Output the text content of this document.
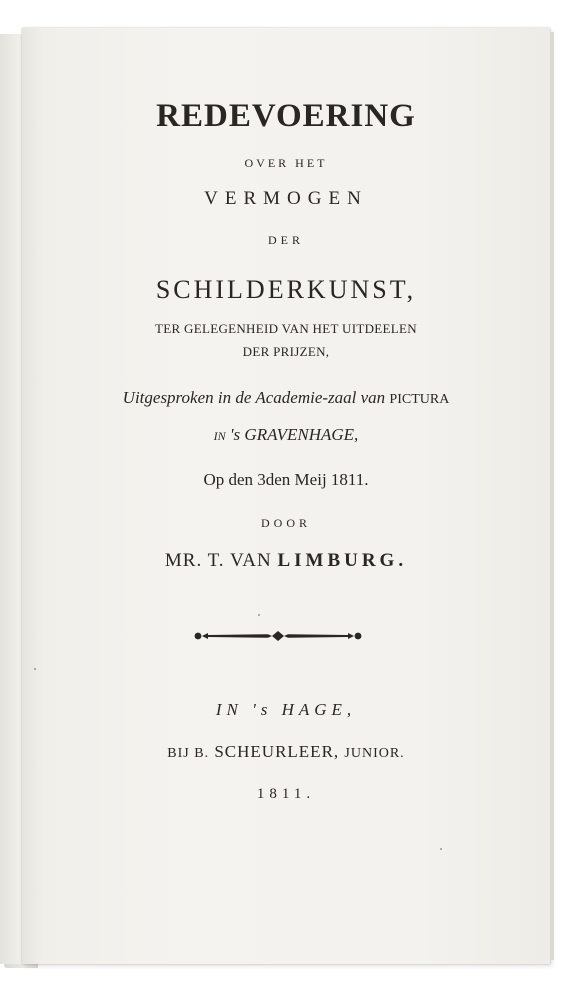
REDEVOERING
OVER HET
VERMOGEN
DER
SCHILDERKUNST,
TER GELEGENHEID VAN HET UITDEELEN
DER PRIJZEN,
Uitgesproken in de Academie-zaal van PICTURA
IN 's GRAVENHAGE,
Op den 3den Meij 1811.
DOOR
MR. T. VAN LIMBURG.
IN 's HAGE,
BIJ B. SCHEURLEER, JUNIOR.
1811.
